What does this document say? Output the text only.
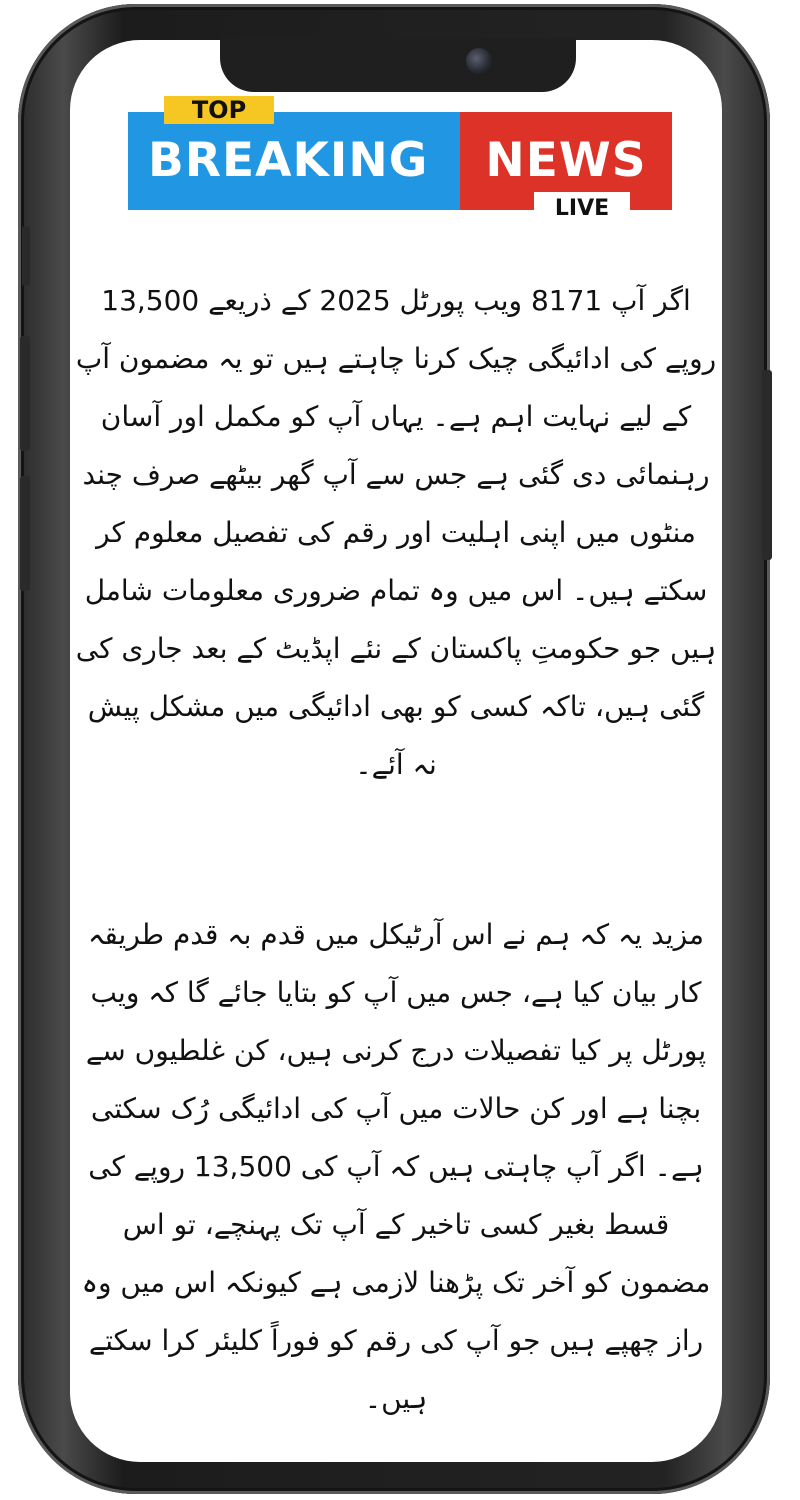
TOP
BREAKING	NEWS
LIVE

اگر آپ 8171 ویب پورٹل 2025 کے ذریعے 13,500 روپے کی ادائیگی چیک کرنا چاہتے ہیں تو یہ مضمون آپ کے لیے نہایت اہم ہے۔ یہاں آپ کو مکمل اور آسان رہنمائی دی گئی ہے جس سے آپ گھر بیٹھے صرف چند منٹوں میں اپنی اہلیت اور رقم کی تفصیل معلوم کر سکتے ہیں۔ اس میں وہ تمام ضروری معلومات شامل ہیں جو حکومتِ پاکستان کے نئے اپڈیٹ کے بعد جاری کی گئی ہیں، تاکہ کسی کو بھی ادائیگی میں مشکل پیش نہ آئے۔

مزید یہ کہ ہم نے اس آرٹیکل میں قدم بہ قدم طریقہ کار بیان کیا ہے، جس میں آپ کو بتایا جائے گا کہ ویب پورٹل پر کیا تفصیلات درج کرنی ہیں، کن غلطیوں سے بچنا ہے اور کن حالات میں آپ کی ادائیگی رُک سکتی ہے۔ اگر آپ چاہتی ہیں کہ آپ کی 13,500 روپے کی قسط بغیر کسی تاخیر کے آپ تک پہنچے، تو اس مضمون کو آخر تک پڑھنا لازمی ہے کیونکہ اس میں وہ راز چھپے ہیں جو آپ کی رقم کو فوراً کلیئر کرا سکتے ہیں۔
